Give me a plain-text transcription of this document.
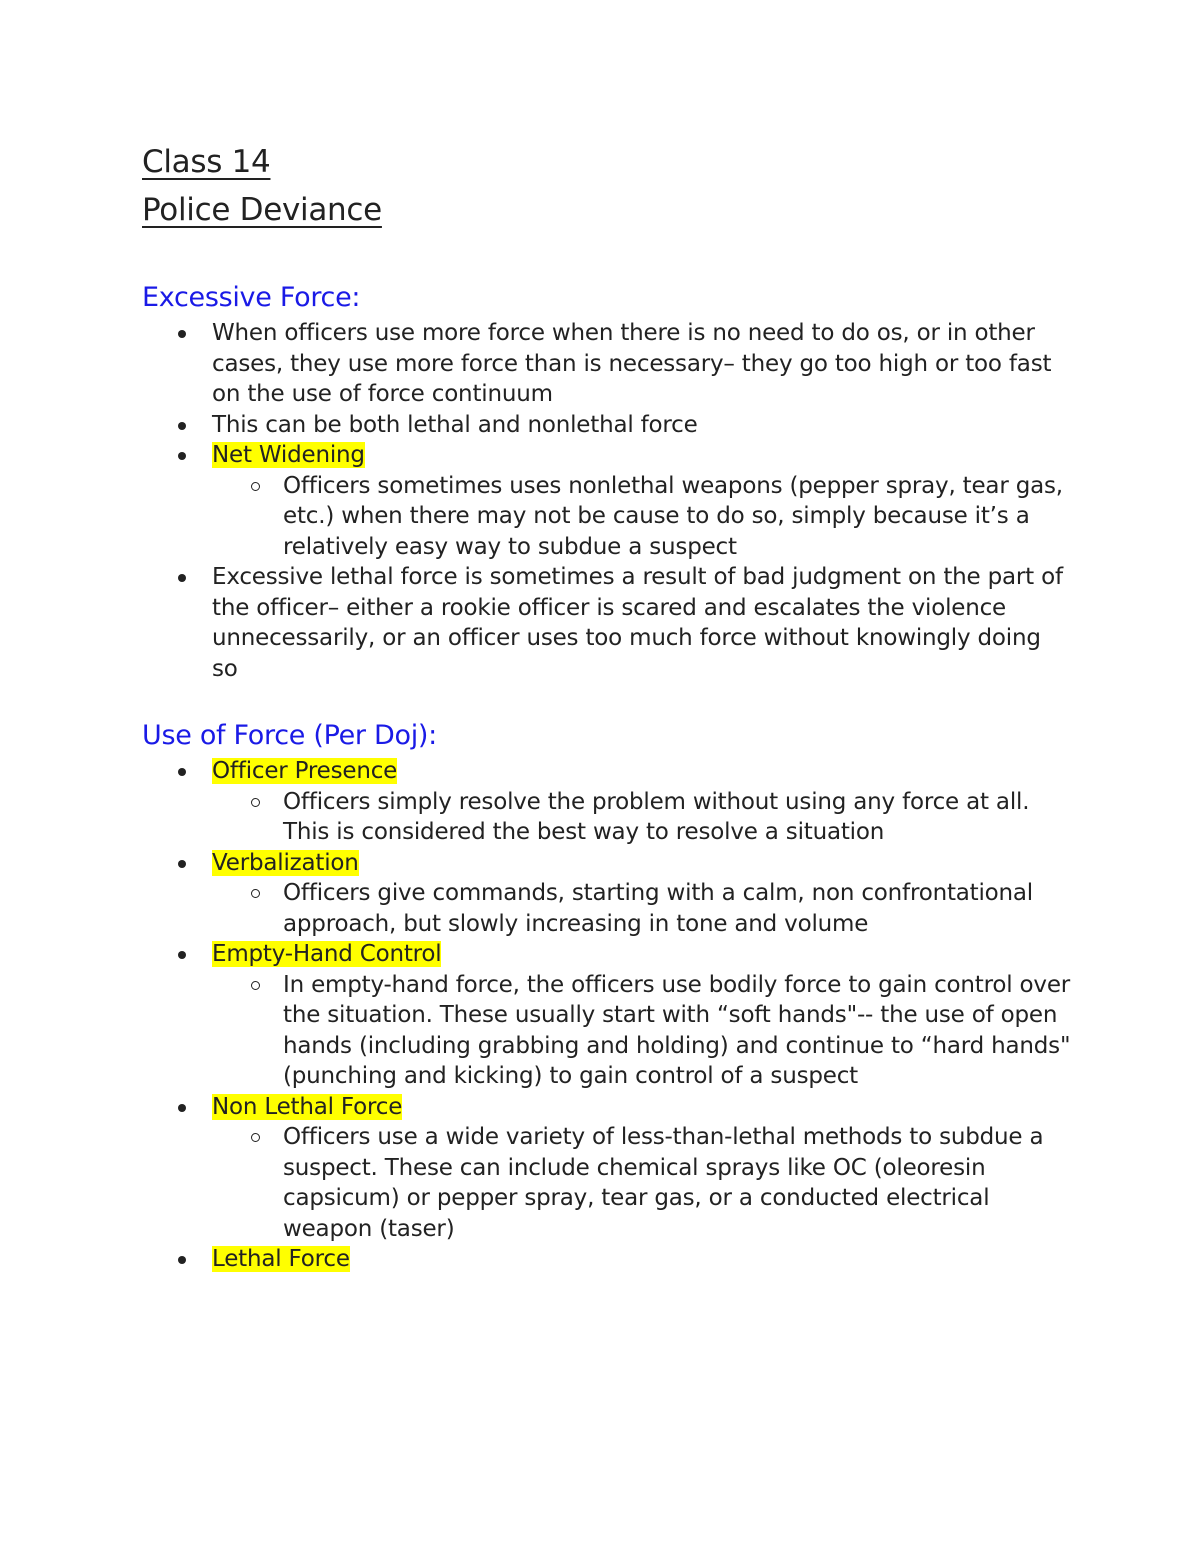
Class 14
Police Deviance
Excessive Force:
When officers use more force when there is no need to do os, or in other cases, they use more force than is necessary– they go too high or too fast on the use of force continuum
This can be both lethal and nonlethal force
Net Widening
Officers sometimes uses nonlethal weapons (pepper spray, tear gas, etc.) when there may not be cause to do so, simply because it’s a relatively easy way to subdue a suspect
Excessive lethal force is sometimes a result of bad judgment on the part of the officer– either a rookie officer is scared and escalates the violence unnecessarily, or an officer uses too much force without knowingly doing so
Use of Force (Per Doj):
Officer Presence
Officers simply resolve the problem without using any force at all. This is considered the best way to resolve a situation
Verbalization
Officers give commands, starting with a calm, non confrontational approach, but slowly increasing in tone and volume
Empty-Hand Control
In empty-hand force, the officers use bodily force to gain control over the situation. These usually start with “soft hands"-- the use of open hands (including grabbing and holding) and continue to “hard hands" (punching and kicking) to gain control of a suspect
Non Lethal Force
Officers use a wide variety of less-than-lethal methods to subdue a suspect. These can include chemical sprays like OC (oleoresin capsicum) or pepper spray, tear gas, or a conducted electrical weapon (taser)
Lethal Force
